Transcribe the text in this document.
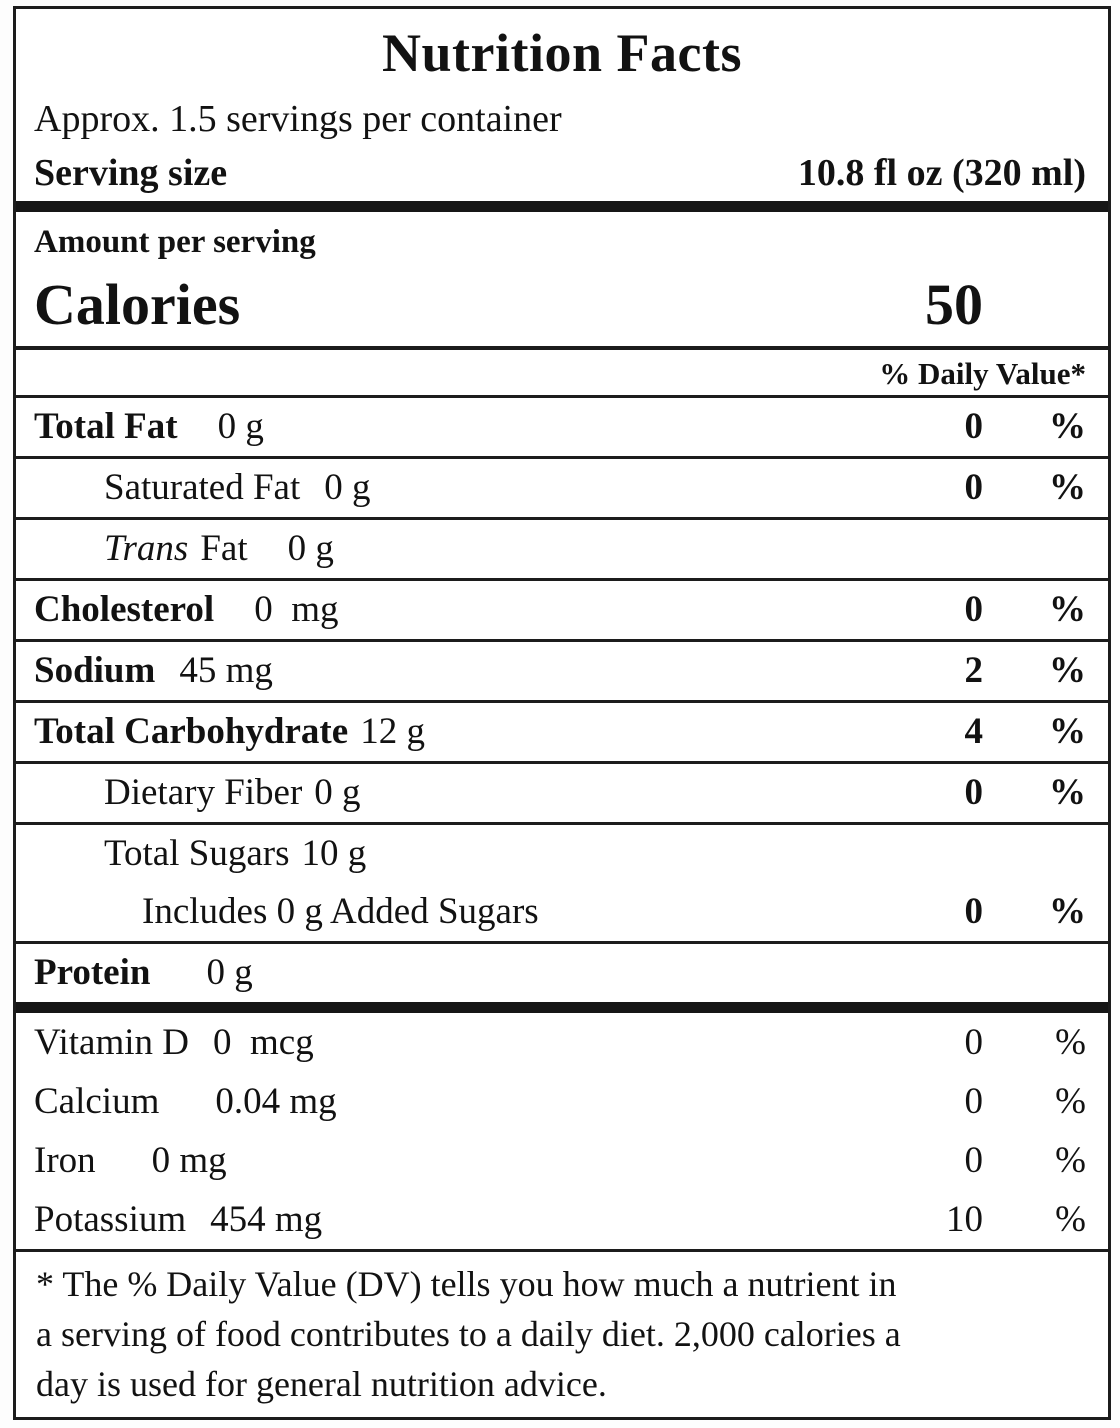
Nutrition Facts
Approx. 1.5 servings per container
Serving size	10.8 fl oz (320 ml)
Amount per serving
Calories	50
% Daily Value*
Total Fat 0 g	0	%
Saturated Fat 0 g	0	%
Trans Fat 0 g
Cholesterol 0  mg	0	%
Sodium 45 mg	2	%
Total Carbohydrate 12 g	4	%
Dietary Fiber 0 g	0	%
Total Sugars 10 g
Includes 0 g Added Sugars	0	%
Protein 0 g
Vitamin D 0  mcg	0	%
Calcium 0.04 mg	0	%
Iron 0 mg	0	%
Potassium 454 mg	10	%
* The % Daily Value (DV) tells you how much a nutrient in
a serving of food contributes to a daily diet. 2,000 calories a
day is used for general nutrition advice.
